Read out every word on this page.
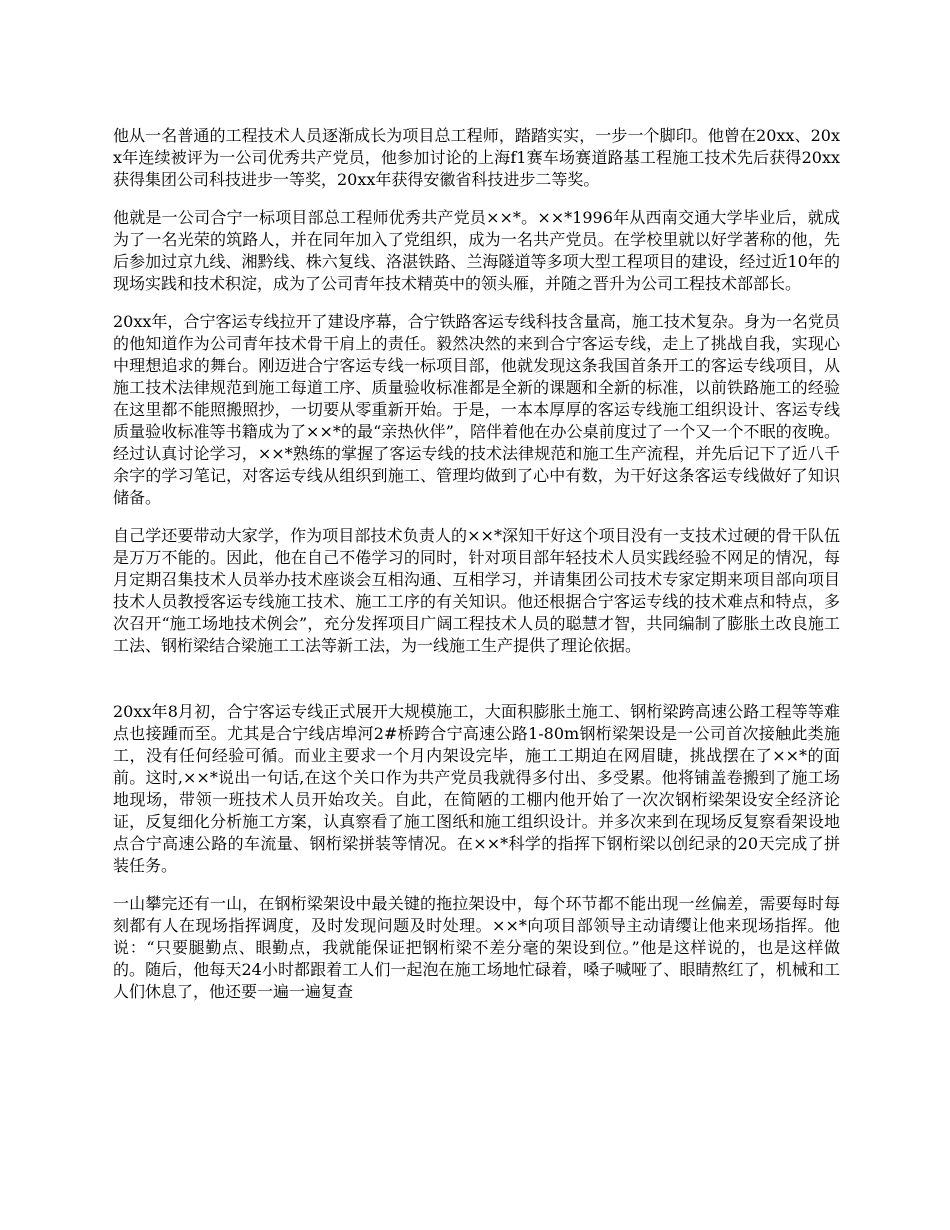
他从一名普通的工程技术人员逐渐成长为项目总工程师，踏踏实实，一步一个脚印。他曾在20xx、20xx年连续被评为一公司优秀共产党员，他参加讨论的上海f1赛车场赛道路基工程施工技术先后获得20xx获得集团公司科技进步一等奖，20xx年获得安徽省科技进步二等奖。

他就是一公司合宁一标项目部总工程师优秀共产党员××*。××*1996年从西南交通大学毕业后，就成为了一名光荣的筑路人，并在同年加入了党组织，成为一名共产党员。在学校里就以好学著称的他，先后参加过京九线、湘黔线、株六复线、洛湛铁路、兰海隧道等多项大型工程项目的建设，经过近10年的现场实践和技术积淀，成为了公司青年技术精英中的领头雁，并随之晋升为公司工程技术部部长。

20xx年，合宁客运专线拉开了建设序幕，合宁铁路客运专线科技含量高，施工技术复杂。身为一名党员的他知道作为公司青年技术骨干肩上的责任。毅然决然的来到合宁客运专线，走上了挑战自我，实现心中理想追求的舞台。刚迈进合宁客运专线一标项目部，他就发现这条我国首条开工的客运专线项目，从施工技术法律规范到施工每道工序、质量验收标准都是全新的课题和全新的标准，以前铁路施工的经验在这里都不能照搬照抄，一切要从零重新开始。于是，一本本厚厚的客运专线施工组织设计、客运专线质量验收标准等书籍成为了××*的最“亲热伙伴”，陪伴着他在办公桌前度过了一个又一个不眠的夜晚。经过认真讨论学习，××*熟练的掌握了客运专线的技术法律规范和施工生产流程，并先后记下了近八千余字的学习笔记，对客运专线从组织到施工、管理均做到了心中有数，为干好这条客运专线做好了知识储备。

自己学还要带动大家学，作为项目部技术负责人的××*深知干好这个项目没有一支技术过硬的骨干队伍是万万不能的。因此，他在自己不倦学习的同时，针对项目部年轻技术人员实践经验不网足的情况，每月定期召集技术人员举办技术座谈会互相沟通、互相学习，并请集团公司技术专家定期来项目部向项目技术人员教授客运专线施工技术、施工工序的有关知识。他还根据合宁客运专线的技术难点和特点，多次召开“施工场地技术例会”，充分发挥项目广阔工程技术人员的聪慧才智，共同编制了膨胀土改良施工工法、钢桁梁结合梁施工工法等新工法，为一线施工生产提供了理论依据。

20xx年8月初，合宁客运专线正式展开大规模施工，大面积膨胀土施工、钢桁梁跨高速公路工程等等难点也接踵而至。尤其是合宁线店埠河2#桥跨合宁高速公路1-80m钢桁梁架设是一公司首次接触此类施工，没有任何经验可循。而业主要求一个月内架设完毕，施工工期迫在网眉睫，挑战摆在了××*的面前。这时,××*说出一句话,在这个关口作为共产党员我就得多付出、多受累。他将铺盖卷搬到了施工场地现场，带领一班技术人员开始攻关。自此，在简陋的工棚内他开始了一次次钢桁梁架设安全经济论证，反复细化分析施工方案，认真察看了施工图纸和施工组织设计。并多次来到在现场反复察看架设地点合宁高速公路的车流量、钢桁梁拼装等情况。在××*科学的指挥下钢桁梁以创纪录的20天完成了拼装任务。

一山攀完还有一山，在钢桁梁架设中最关键的拖拉架设中，每个环节都不能出现一丝偏差，需要每时每刻都有人在现场指挥调度，及时发现问题及时处理。××*向项目部领导主动请缨让他来现场指挥。他说：“只要腿勤点、眼勤点，我就能保证把钢桁梁不差分毫的架设到位。”他是这样说的，也是这样做的。随后，他每天24小时都跟着工人们一起泡在施工场地忙碌着，嗓子喊哑了、眼睛熬红了，机械和工人们休息了，他还要一遍一遍复查
